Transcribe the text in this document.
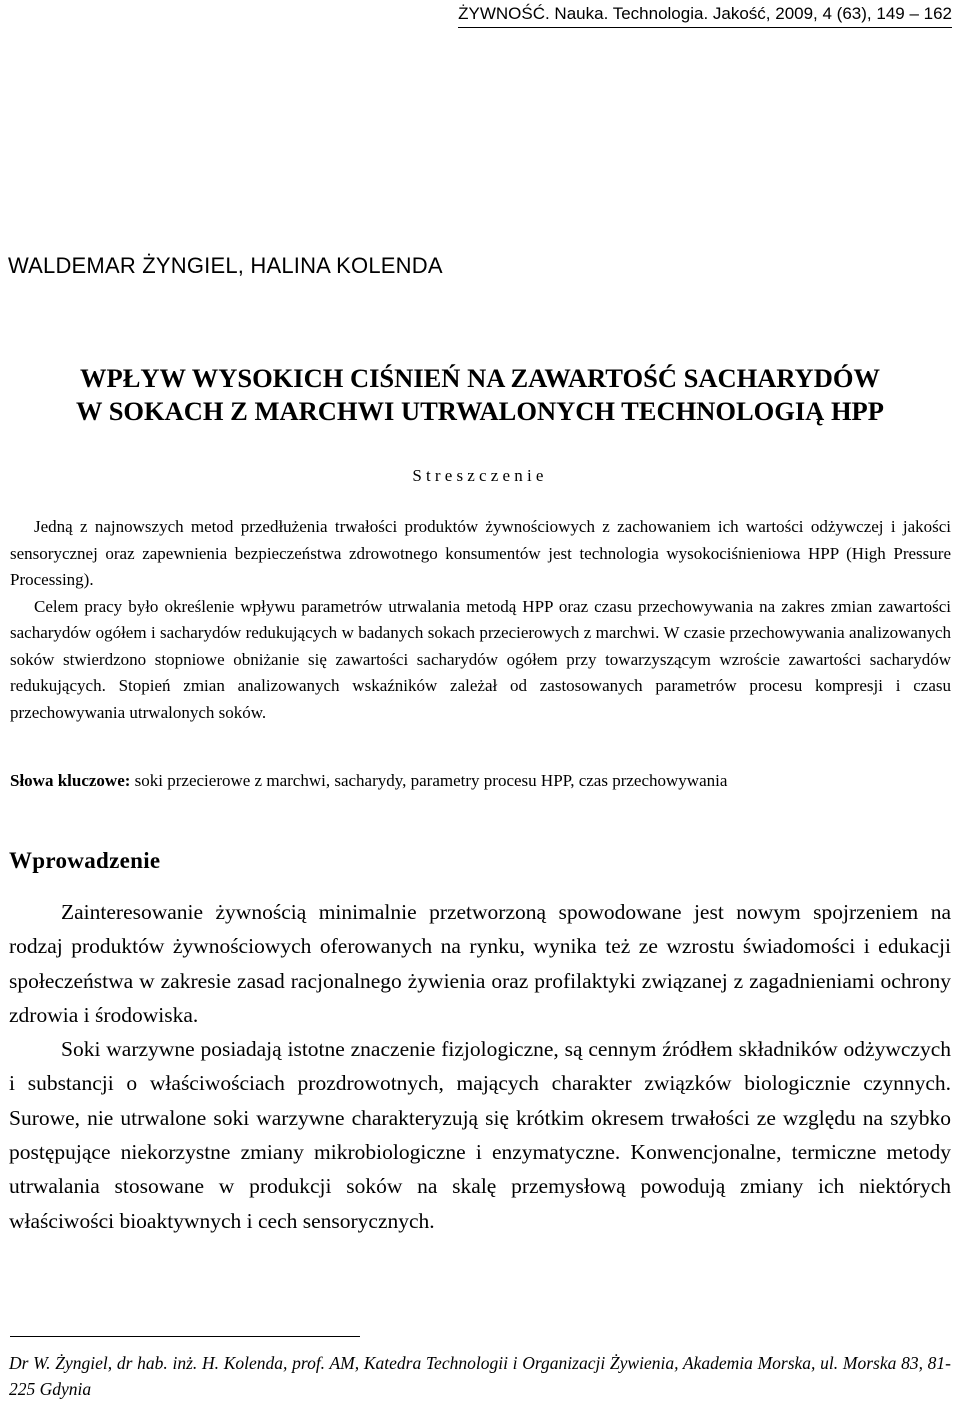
ŻYWNOŚĆ. Nauka. Technologia. Jakość, 2009, 4 (63), 149 – 162
WALDEMAR ŻYNGIEL, HALINA KOLENDA
WPŁYW WYSOKICH CIŚNIEŃ NA ZAWARTOŚĆ SACHARYDÓW
W SOKACH Z MARCHWI UTRWALONYCH TECHNOLOGIĄ HPP
Streszczenie

Jedną z najnowszych metod przedłużenia trwałości produktów żywnościowych z zachowaniem ich wartości odżywczej i jakości sensorycznej oraz zapewnienia bezpieczeństwa zdrowotnego konsumentów jest technologia wysokociśnieniowa HPP (High Pressure Processing).

Celem pracy było określenie wpływu parametrów utrwalania metodą HPP oraz czasu przechowywania na zakres zmian zawartości sacharydów ogółem i sacharydów redukujących w badanych sokach przecierowych z marchwi. W czasie przechowywania analizowanych soków stwierdzono stopniowe obniżanie się zawartości sacharydów ogółem przy towarzyszącym wzroście zawartości sacharydów redukujących. Stopień zmian analizowanych wskaźników zależał od zastosowanych parametrów procesu kompresji i czasu przechowywania utrwalonych soków.

Słowa kluczowe: soki przecierowe z marchwi, sacharydy, parametry procesu HPP, czas przechowywania
Wprowadzenie

Zainteresowanie żywnością minimalnie przetworzoną spowodowane jest nowym spojrzeniem na rodzaj produktów żywnościowych oferowanych na rynku, wynika też ze wzrostu świadomości i edukacji społeczeństwa w zakresie zasad racjonalnego żywienia oraz profilaktyki związanej z zagadnieniami ochrony zdrowia i środowiska.

Soki warzywne posiadają istotne znaczenie fizjologiczne, są cennym źródłem składników odżywczych i substancji o właściwościach prozdrowotnych, mających charakter związków biologicznie czynnych. Surowe, nie utrwalone soki warzywne charakteryzują się krótkim okresem trwałości ze względu na szybko postępujące niekorzystne zmiany mikrobiologiczne i enzymatyczne. Konwencjonalne, termiczne metody utrwalania stosowane w produkcji soków na skalę przemysłową powodują zmiany ich niektórych właściwości bioaktywnych i cech sensorycznych.

Dr W. Żyngiel, dr hab. inż. H. Kolenda, prof. AM, Katedra Technologii i Organizacji Żywienia, Akademia Morska, ul. Morska 83, 81-225 Gdynia
